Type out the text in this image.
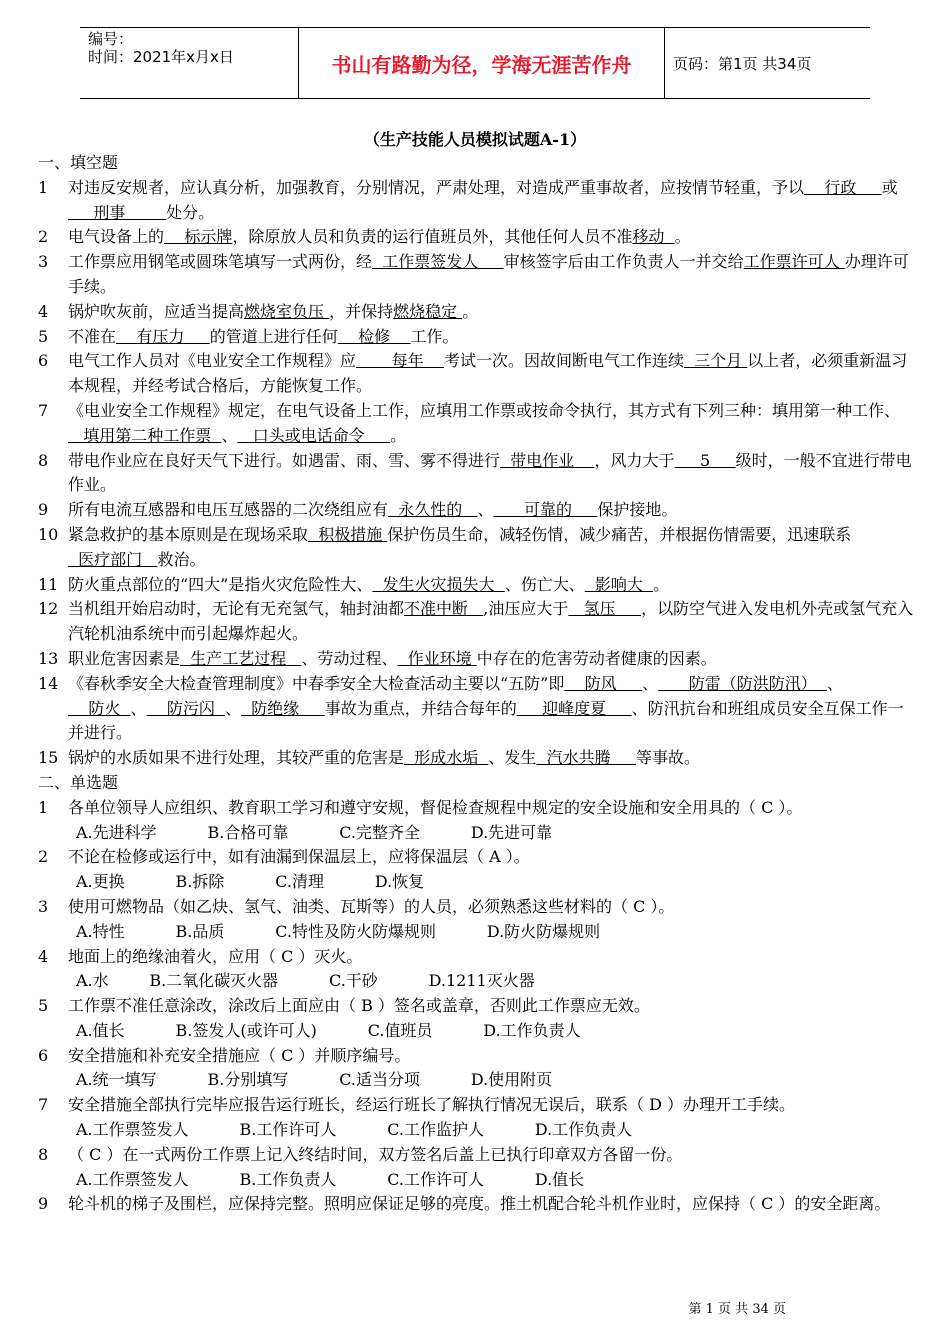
编号：
时间：2021年x月x日	书山有路勤为径，学海无涯苦作舟	页码：第1页 共34页
（生产技能人员模拟试题A-1）

一、填空题

1 对违反安规者，应认真分析，加强教育，分别情况，严肃处理，对造成严重事故者，应按情节轻重，予以    行政     或     刑事        处分。

2 电气设备上的    标示牌，除原放人员和负责的运行值班员外，其他任何人员不准移动  。

3 工作票应用钢笔或圆珠笔填写一式两份，经  工作票签发人     审核签字后由工作负责人一并交给工作票许可人 办理许可手续。

4 锅炉吹灰前，应适当提高燃烧室负压 ，并保持燃烧稳定 。

5 不准在    有压力     的管道上进行任何    检修    工作。

6 电气工作人员对《电业安全工作规程》应       每年    考试一次。因故间断电气工作连续  三个月 以上者，必须重新温习本规程，并经考试合格后，方能恢复工作。

7 《电业安全工作规程》规定，在电气设备上工作，应填用工作票或按命令执行，其方式有下列三种：填用第一种工作、   填用第二种工作票  、   口头或电话命令     。

8 带电作业应在良好天气下进行。如遇雷、雨、雪、雾不得进行  带电作业    ，风力大于     5     级时，一般不宜进行带电作业。

9 所有电流互感器和电压互感器的二次绕组应有  永久性的   、      可靠的     保护接地。

10 紧急救护的基本原则是在现场采取  积极措施 保护伤员生命，减轻伤情，减少痛苦，并根据伤情需要，迅速联系  医疗部门   救治。

11 防火重点部位的“四大”是指火灾危险性大、  发生火灾损失大  、伤亡大、  影响大  。

12 当机组开始启动时，无论有无充氢气，轴封油都不准中断   ,油压应大于   氢压     ，以防空气进入发电机外壳或氢气充入汽轮机油系统中而引起爆炸起火。

13 职业危害因素是  生产工艺过程   、劳动过程、  作业环境 中存在的危害劳动者健康的因素。

14 《春秋季安全大检查管理制度》中春季安全大检查活动主要以“五防”即    防风     、      防雷（防洪防汛）  、    防火  、    防污闪  、  防绝缘     事故为重点，并结合每年的     迎峰度夏     、防汛抗台和班组成员安全互保工作一并进行。

15 锅炉的水质如果不进行处理，其较严重的危害是  形成水垢  、发生  汽水共腾     等事故。

二、单选题

1 各单位领导人应组织、教育职工学习和遵守安规，督促检查规程中规定的安全设施和安全用具的（ C ）。

A.先进科学          B.合格可靠          C.完整齐全          D.先进可靠

2 不论在检修或运行中，如有油漏到保温层上，应将保温层（ A ）。

A.更换          B.拆除          C.清理          D.恢复

3 使用可燃物品（如乙炔、氢气、油类、瓦斯等）的人员，必须熟悉这些材料的（ C ）。

A.特性          B.品质          C.特性及防火防爆规则          D.防火防爆规则

4 地面上的绝缘油着火，应用（ C ）灭火。

A.水        B.二氧化碳灭火器          C.干砂          D.1211灭火器

5 工作票不准任意涂改，涂改后上面应由（ B ）签名或盖章，否则此工作票应无效。

A.值长          B.签发人(或许可人)          C.值班员          D.工作负责人

6 安全措施和补充安全措施应（ C ）并顺序编号。

A.统一填写          B.分别填写          C.适当分项          D.使用附页

7 安全措施全部执行完毕应报告运行班长，经运行班长了解执行情况无误后，联系（ D ）办理开工手续。

A.工作票签发人          B.工作许可人          C.工作监护人          D.工作负责人

8 （ C ）在一式两份工作票上记入终结时间，双方签名后盖上已执行印章双方各留一份。

A.工作票签发人          B.工作负责人          C.工作许可人          D.值长

9 轮斗机的梯子及围栏，应保持完整。照明应保证足够的亮度。推土机配合轮斗机作业时，应保持（ C ）的安全距离。

第 1 页 共 34 页
